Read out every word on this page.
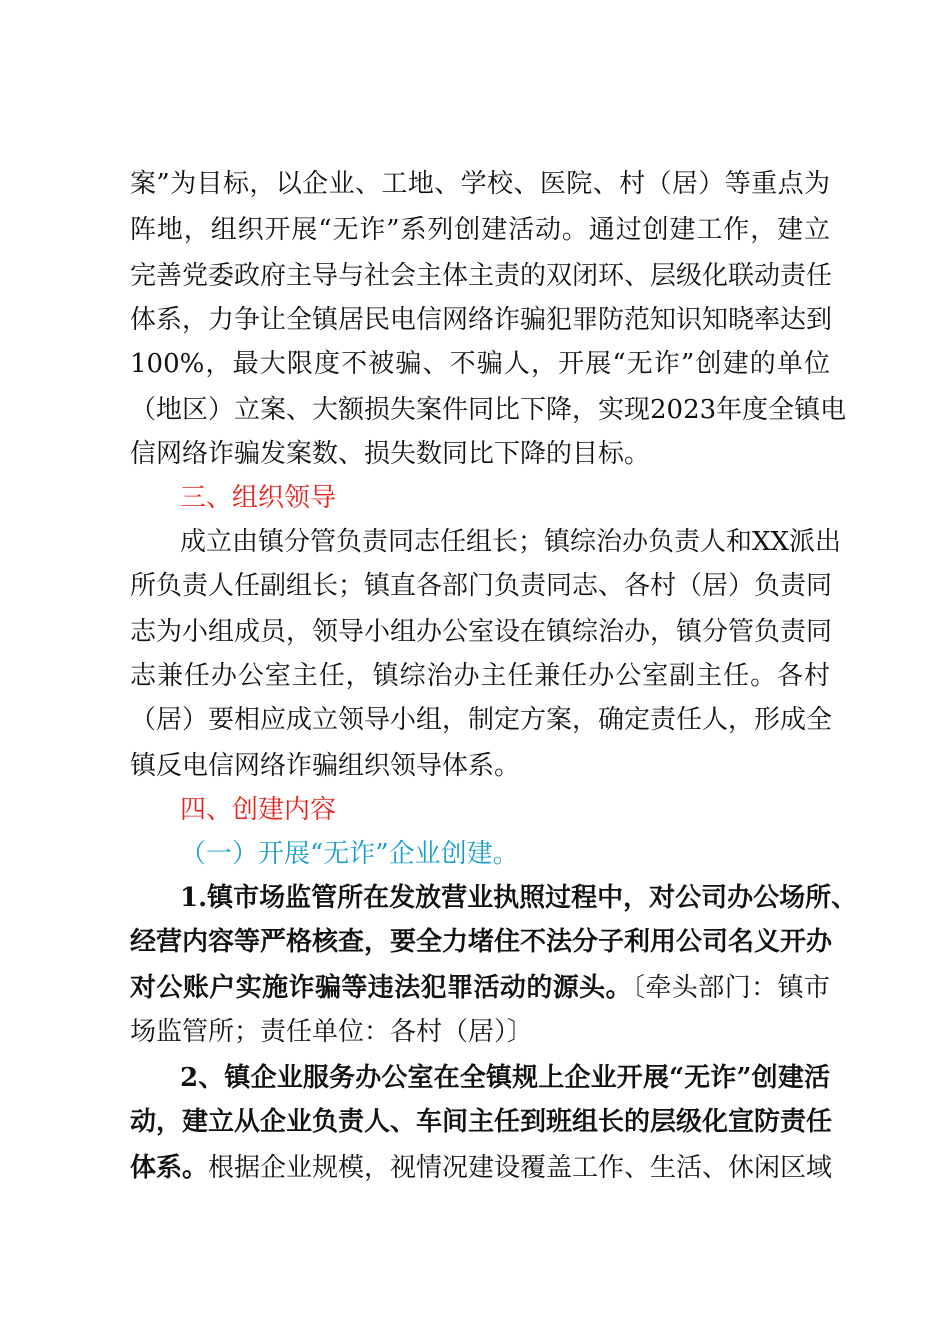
案”为目标，以企业、工地、学校、医院、村（居）等重点为
阵地，组织开展“无诈”系列创建活动。通过创建工作，建立
完善党委政府主导与社会主体主责的双闭环、层级化联动责任
体系，力争让全镇居民电信网络诈骗犯罪防范知识知晓率达到
100%，最大限度不被骗、不骗人，开展“无诈”创建的单位
（地区）立案、大额损失案件同比下降，实现2023年度全镇电
信网络诈骗发案数、损失数同比下降的目标。
三、组织领导
成立由镇分管负责同志任组长；镇综治办负责人和XX派出
所负责人任副组长；镇直各部门负责同志、各村（居）负责同
志为小组成员，领导小组办公室设在镇综治办，镇分管负责同
志兼任办公室主任，镇综治办主任兼任办公室副主任。各村
（居）要相应成立领导小组，制定方案，确定责任人，形成全
镇反电信网络诈骗组织领导体系。
四、创建内容
（一）开展“无诈”企业创建。
1.镇市场监管所在发放营业执照过程中，对公司办公场所、
经营内容等严格核查，要全力堵住不法分子利用公司名义开办
对公账户实施诈骗等违法犯罪活动的源头。〔牵头部门：镇市
场监管所；责任单位：各村（居）〕
2、镇企业服务办公室在全镇规上企业开展“无诈”创建活
动，建立从企业负责人、车间主任到班组长的层级化宣防责任
体系。根据企业规模，视情况建设覆盖工作、生活、休闲区域
